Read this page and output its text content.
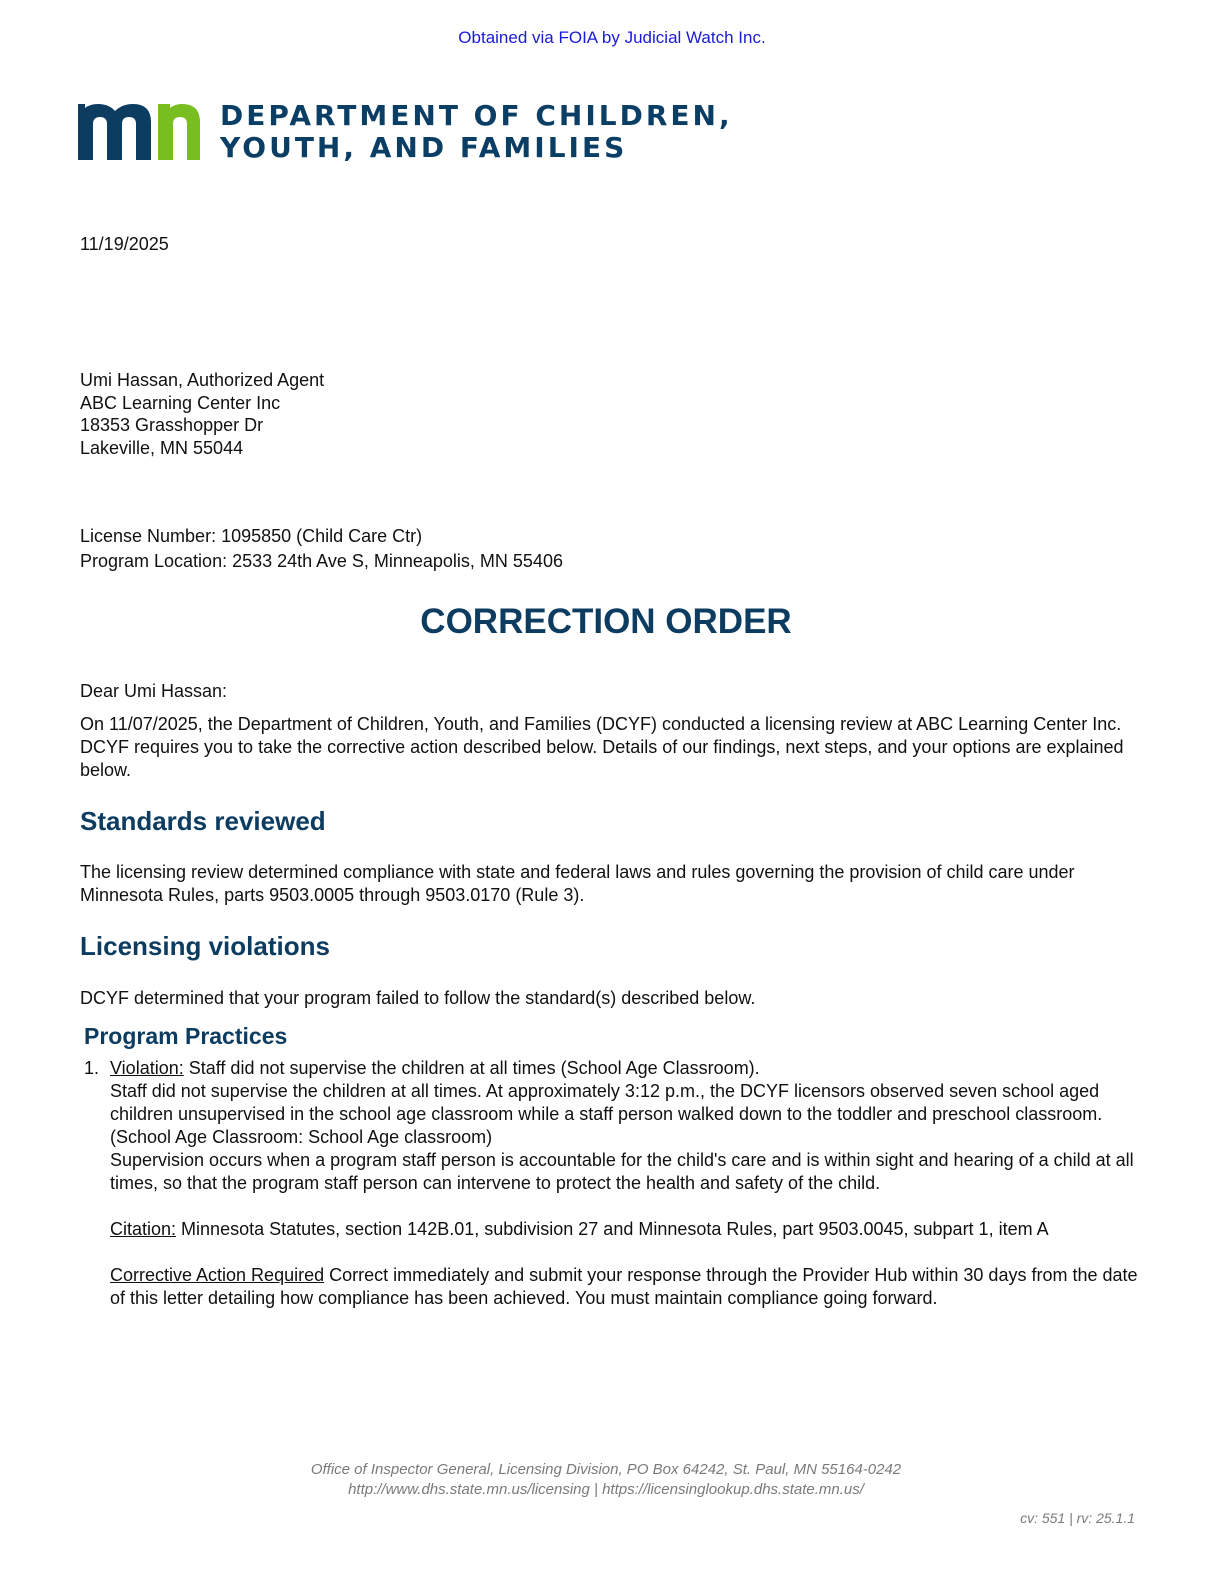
Obtained via FOIA by Judicial Watch Inc.
DEPARTMENT OF CHILDREN,
YOUTH, AND FAMILIES
11/19/2025
Umi Hassan, Authorized Agent
ABC Learning Center Inc
18353 Grasshopper Dr
Lakeville, MN 55044
License Number: 1095850 (Child Care Ctr)
Program Location: 2533 24th Ave S, Minneapolis, MN 55406
CORRECTION ORDER
Dear Umi Hassan:
On 11/07/2025, the Department of Children, Youth, and Families (DCYF) conducted a licensing review at ABC Learning Center Inc. DCYF requires you to take the corrective action described below. Details of our findings, next steps, and your options are explained below.
Standards reviewed
The licensing review determined compliance with state and federal laws and rules governing the provision of child care under Minnesota Rules, parts 9503.0005 through 9503.0170 (Rule 3).
Licensing violations
DCYF determined that your program failed to follow the standard(s) described below.
Program Practices
1. Violation: Staff did not supervise the children at all times (School Age Classroom).
Staff did not supervise the children at all times. At approximately 3:12 p.m., the DCYF licensors observed seven school aged children unsupervised in the school age classroom while a staff person walked down to the toddler and preschool classroom. (School Age Classroom: School Age classroom)
Supervision occurs when a program staff person is accountable for the child's care and is within sight and hearing of a child at all times, so that the program staff person can intervene to protect the health and safety of the child.
Citation: Minnesota Statutes, section 142B.01, subdivision 27 and Minnesota Rules, part 9503.0045, subpart 1, item A
Corrective Action Required Correct immediately and submit your response through the Provider Hub within 30 days from the date of this letter detailing how compliance has been achieved. You must maintain compliance going forward.
Office of Inspector General, Licensing Division, PO Box 64242, St. Paul, MN 55164-0242
http://www.dhs.state.mn.us/licensing | https://licensinglookup.dhs.state.mn.us/
cv: 551 | rv: 25.1.1
